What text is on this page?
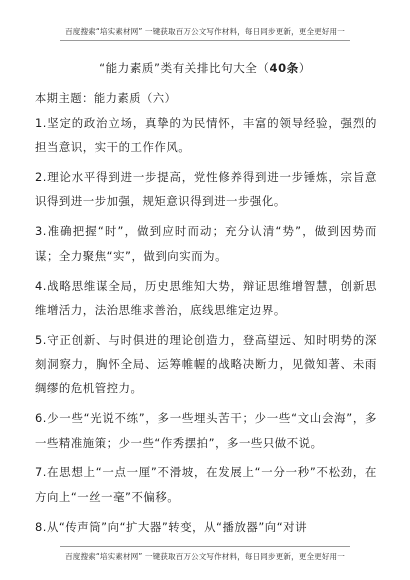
百度搜索“培实素材网” 一键获取百万公文写作材料，每日同步更新，更全更好用一
“能力素质”类有关排比句大全（40条）
本期主题：能力素质（六）
1.坚定的政治立场，真挚的为民情怀，丰富的领导经验，强烈的担当意识，实干的工作作风。
2.理论水平得到进一步提高，党性修养得到进一步锤炼，宗旨意识得到进一步加强，规矩意识得到进一步强化。
3.准确把握“时”，做到应时而动；充分认清“势”，做到因势而谋；全力聚焦“实”，做到向实而为。
4.战略思维谋全局，历史思维知大势，辩证思维增智慧，创新思维增活力，法治思维求善治，底线思维定边界。
5.守正创新、与时俱进的理论创造力，登高望远、知时明势的深刻洞察力，胸怀全局、运筹帷幄的战略决断力，见微知著、未雨绸缪的危机管控力。
6.少一些“光说不练”，多一些埋头苦干；少一些“文山会海”，多一些精准施策；少一些“作秀摆拍”，多一些只做不说。
7.在思想上“一点一厘”不滑坡，在发展上“一分一秒”不松劲，在方向上“一丝一毫”不偏移。
8.从“传声筒”向“扩大器”转变，从“播放器”向“对讲
百度搜索“培实素材网” 一键获取百万公文写作材料，每日同步更新，更全更好用一
